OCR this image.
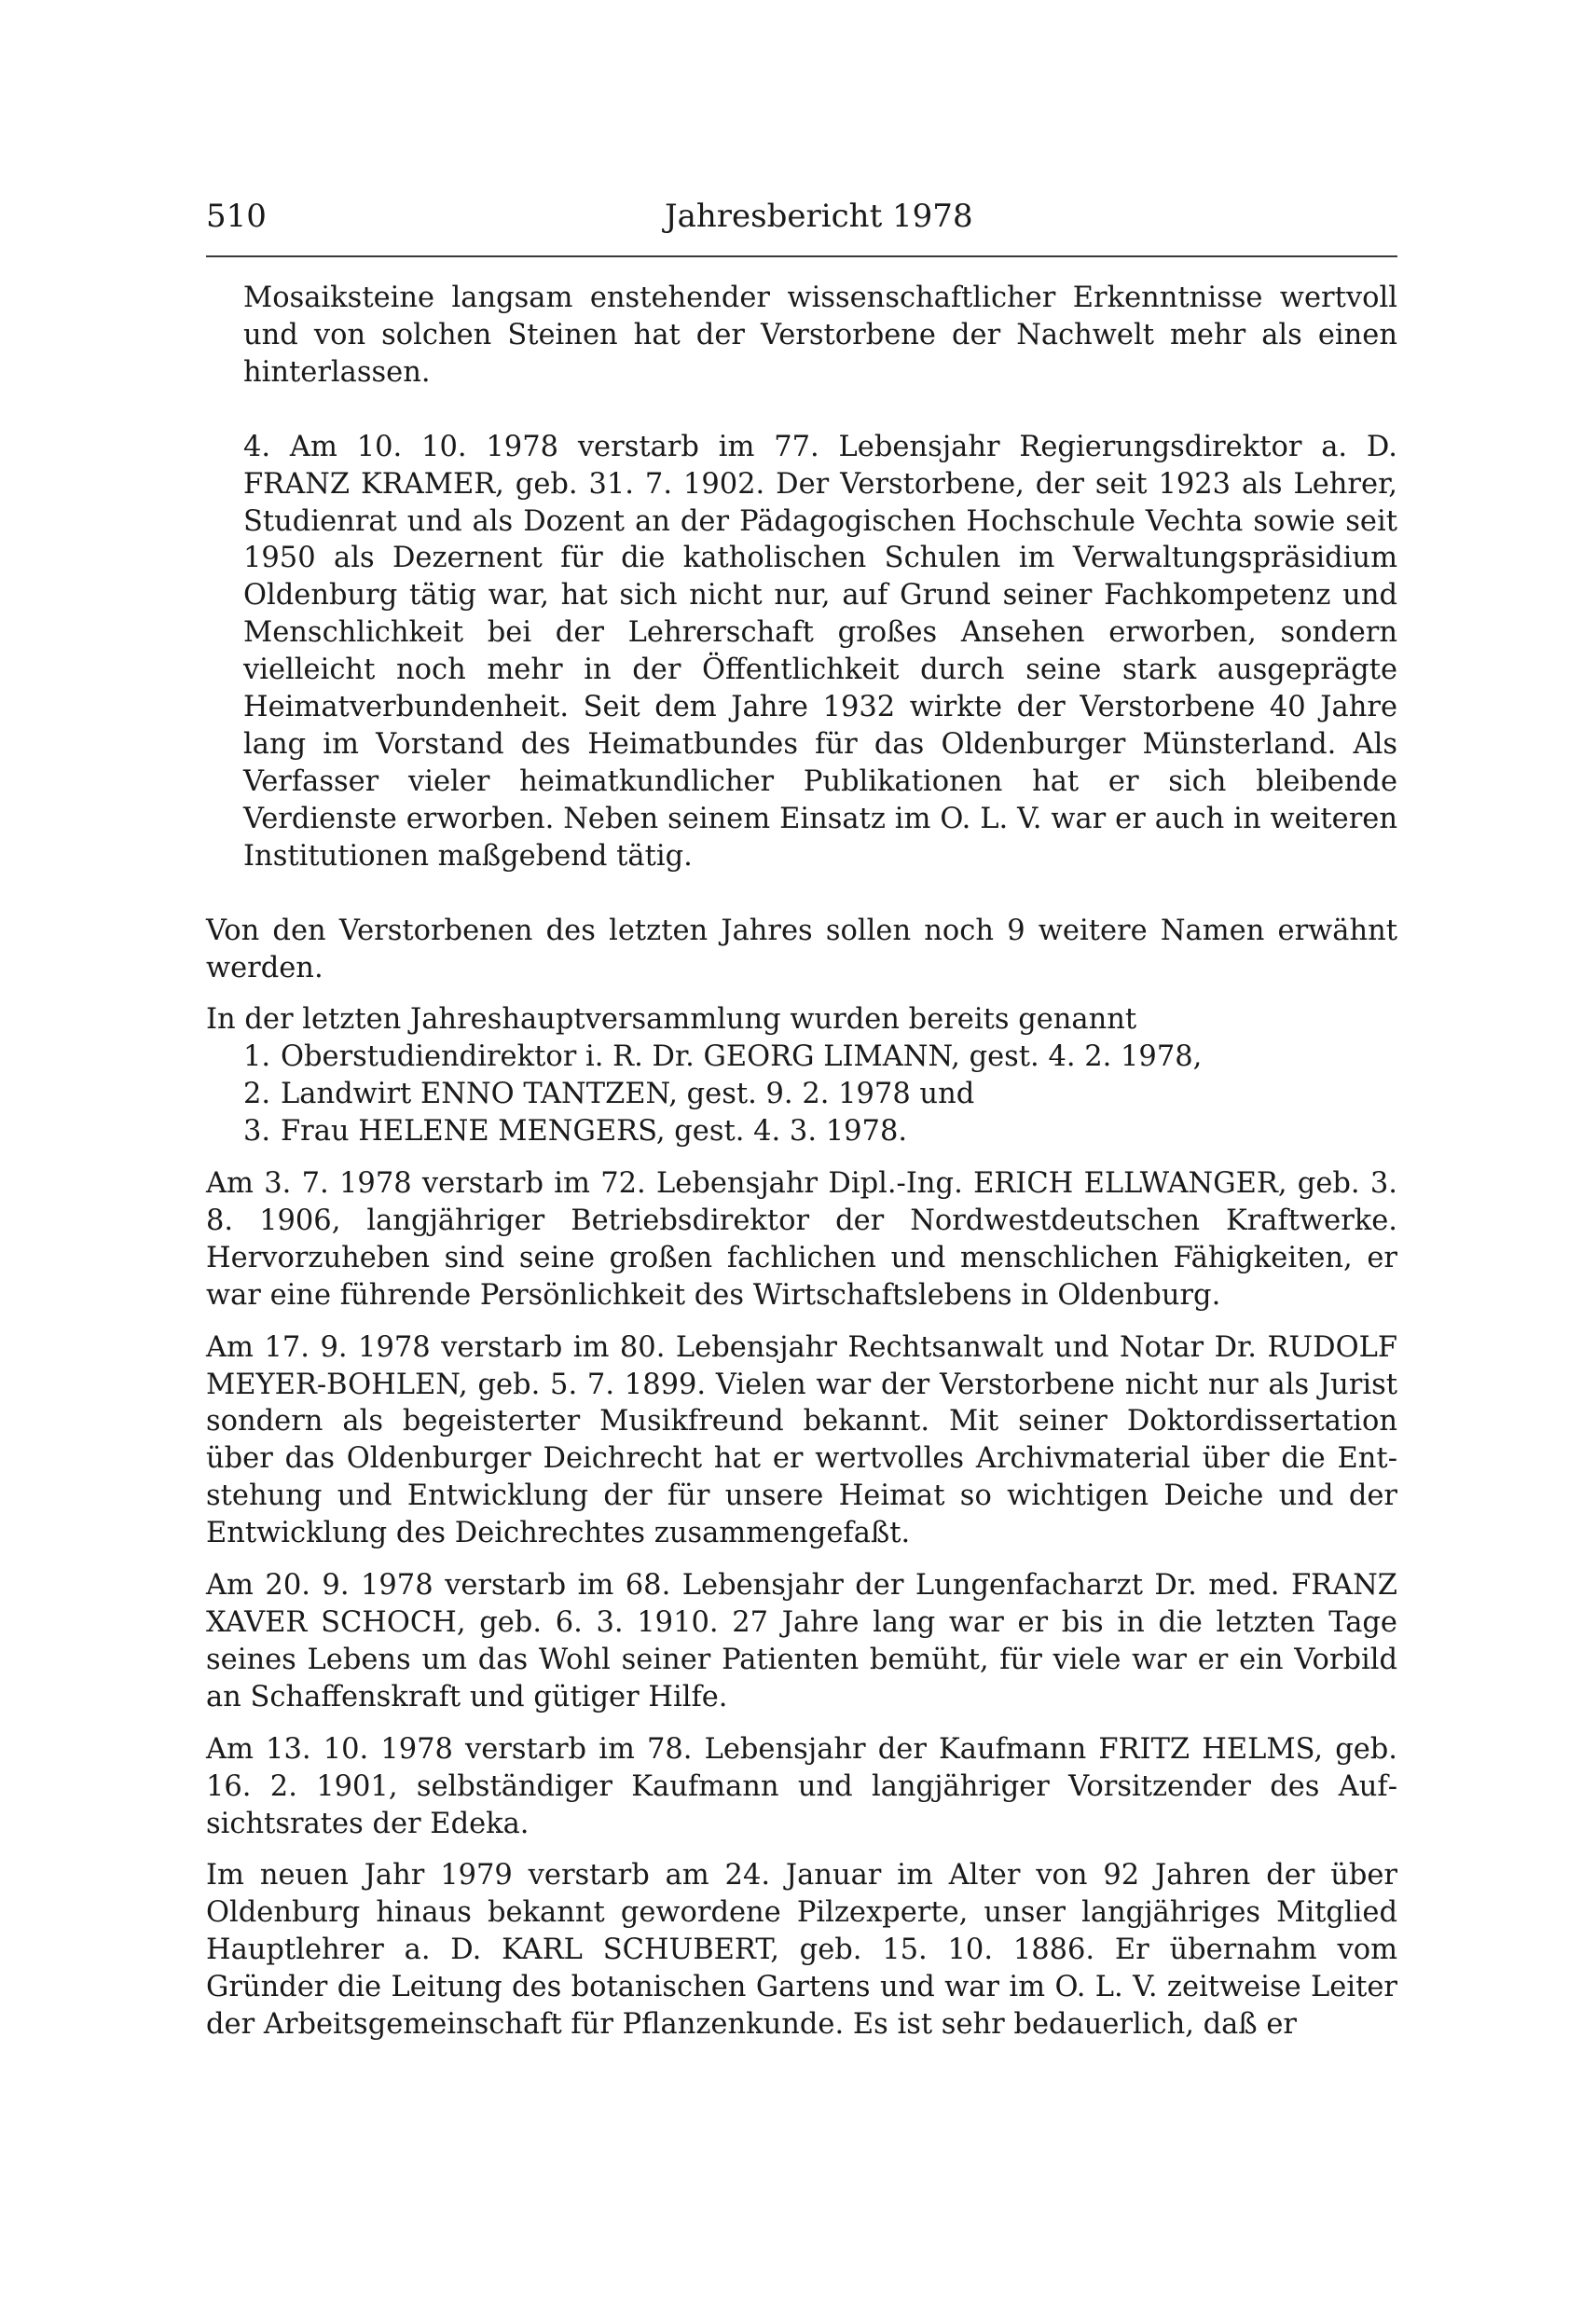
510	Jahresbericht 1978

Mosaiksteine langsam enstehender wissenschaftlicher Erkenntnisse wertvoll und von solchen Steinen hat der Verstorbene der Nachwelt mehr als einen hinterlassen.

4. Am 10. 10. 1978 verstarb im 77. Lebensjahr Regierungsdirektor a. D. FRANZ KRAMER, geb. 31. 7. 1902. Der Verstorbene, der seit 1923 als Lehrer, Studienrat und als Dozent an der Pädagogischen Hochschule Vechta sowie seit 1950 als Dezernent für die katholischen Schulen im Verwaltungspräsidium Oldenburg tätig war, hat sich nicht nur, auf Grund seiner Fachkompetenz und Menschlichkeit bei der Lehrerschaft großes Ansehen erworben, sondern vielleicht noch mehr in der Öffentlichkeit durch seine stark ausgeprägte Heimatverbundenheit. Seit dem Jahre 1932 wirkte der Verstorbene 40 Jahre lang im Vorstand des Heimatbundes für das Oldenburger Münsterland. Als Verfasser vieler heimatkundlicher Publikationen hat er sich bleibende Verdienste erworben. Neben seinem Einsatz im O. L. V. war er auch in weiteren Institutionen maßgebend tätig.

Von den Verstorbenen des letzten Jahres sollen noch 9 weitere Namen erwähnt werden.

In der letzten Jahreshauptversammlung wurden bereits genannt

1. Oberstudiendirektor i. R. Dr. GEORG LIMANN, gest. 4. 2. 1978,
2. Landwirt ENNO TANTZEN, gest. 9. 2. 1978 und
3. Frau HELENE MENGERS, gest. 4. 3. 1978.

Am 3. 7. 1978 verstarb im 72. Lebensjahr Dipl.-Ing. ERICH ELLWANGER, geb. 3. 8. 1906, langjähriger Betriebsdirektor der Nordwestdeutschen Kraftwerke. Hervorzuheben sind seine großen fachlichen und menschlichen Fähigkeiten, er war eine führende Persönlichkeit des Wirtschaftslebens in Oldenburg.

Am 17. 9. 1978 verstarb im 80. Lebensjahr Rechtsanwalt und Notar Dr. RUDOLF MEYER-BOHLEN, geb. 5. 7. 1899. Vielen war der Verstorbene nicht nur als Jurist sondern als begeisterter Musikfreund bekannt. Mit seiner Doktordissertation über das Oldenburger Deichrecht hat er wertvolles Archivmaterial über die Entstehung und Entwicklung der für unsere Heimat so wichtigen Deiche und der Entwicklung des Deichrechtes zusammengefaßt.

Am 20. 9. 1978 verstarb im 68. Lebensjahr der Lungenfacharzt Dr. med. FRANZ XAVER SCHOCH, geb. 6. 3. 1910. 27 Jahre lang war er bis in die letzten Tage seines Lebens um das Wohl seiner Patienten bemüht, für viele war er ein Vorbild an Schaffenskraft und gütiger Hilfe.

Am 13. 10. 1978 verstarb im 78. Lebensjahr der Kaufmann FRITZ HELMS, geb. 16. 2. 1901, selbständiger Kaufmann und langjähriger Vorsitzender des Aufsichtsrates der Edeka.

Im neuen Jahr 1979 verstarb am 24. Januar im Alter von 92 Jahren der über Oldenburg hinaus bekannt gewordene Pilzexperte, unser langjähriges Mitglied Hauptlehrer a. D. KARL SCHUBERT, geb. 15. 10. 1886. Er übernahm vom Gründer die Leitung des botanischen Gartens und war im O. L. V. zeitweise Leiter der Arbeitsgemeinschaft für Pflanzenkunde. Es ist sehr bedauerlich, daß er
